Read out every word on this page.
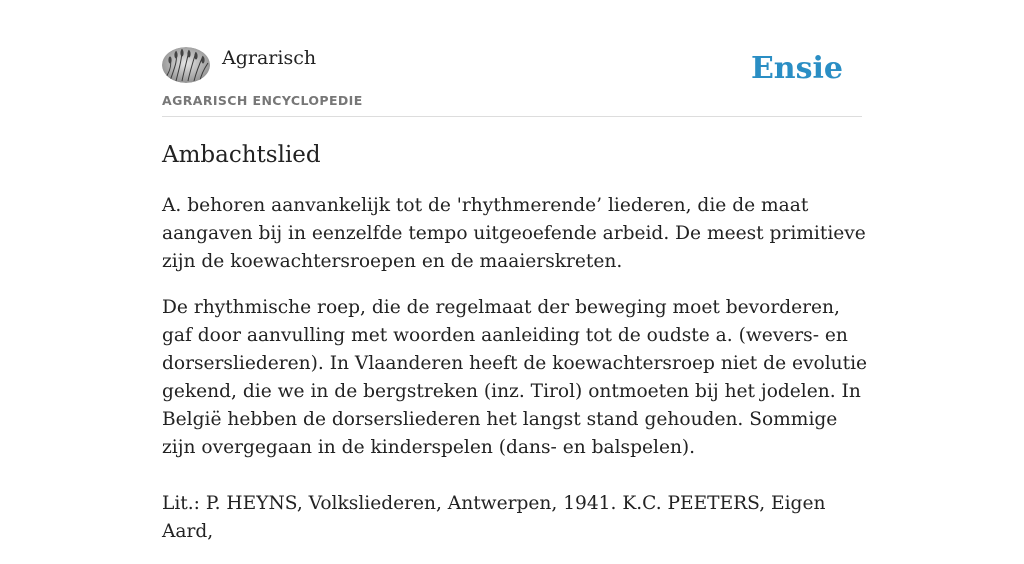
Agrarisch
AGRARISCH ENCYCLOPEDIE
Ensie
Ambachtslied

A. behoren aanvankelijk tot de 'rhythmerende’ liederen, die de maat aangaven bij in eenzelfde tempo uitgeoefende arbeid. De meest primitieve zijn de koewachtersroepen en de maaierskreten.

De rhythmische roep, die de regelmaat der beweging moet bevorderen, gaf door aanvulling met woorden aanleiding tot de oudste a. (wevers- en dorsersliederen). In Vlaanderen heeft de koewachtersroep niet de evolutie gekend, die we in de bergstreken (inz. Tirol) ontmoeten bij het jodelen. In België hebben de dorsersliederen het langst stand gehouden. Sommige zijn overgegaan in de kinderspelen (dans- en balspelen).

Lit.: P. HEYNS, Volksliederen, Antwerpen, 1941. K.C. PEETERS, Eigen Aard,
